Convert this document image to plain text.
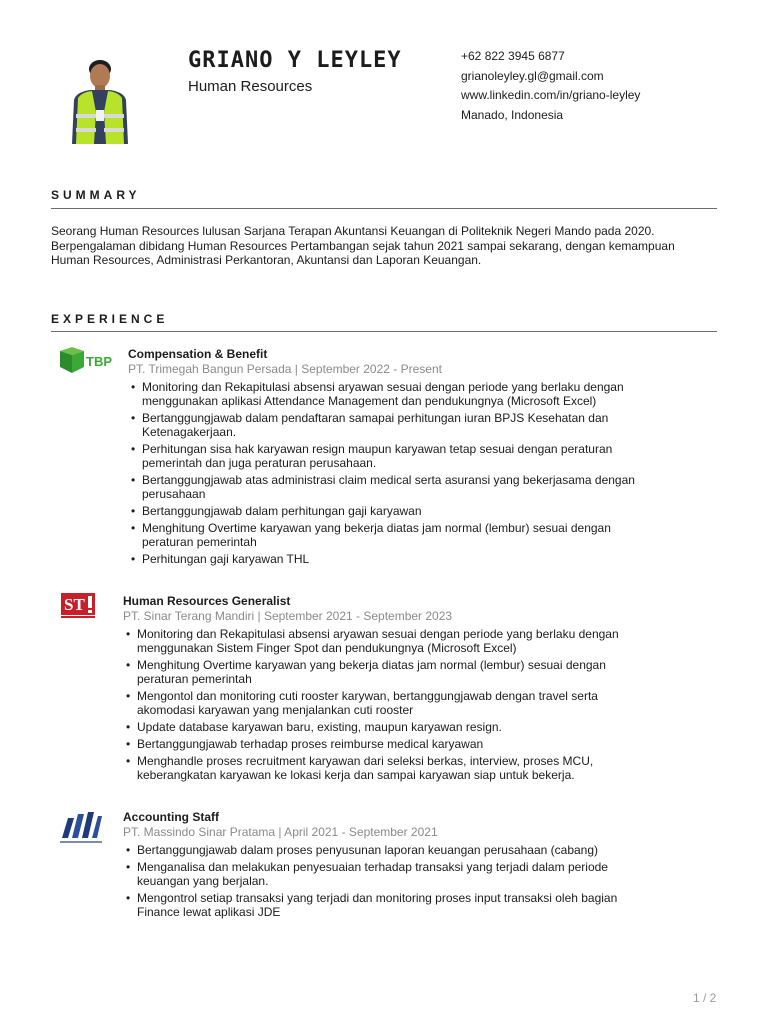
GRIANO Y LEYLEY
Human Resources
+62 822 3945 6877
grianoleyley.gl@gmail.com
www.linkedin.com/in/griano-leyley
Manado, Indonesia
SUMMARY
Seorang Human Resources lulusan Sarjana Terapan Akuntansi Keuangan di Politeknik Negeri Mando pada 2020.
Berpengalaman dibidang Human Resources Pertambangan sejak tahun 2021 sampai sekarang, dengan kemampuan
Human Resources, Administrasi Perkantoran, Akuntansi dan Laporan Keuangan.
EXPERIENCE
TBP Compensation & Benefit
PT. Trimegah Bangun Persada | September 2022 - Present
• Monitoring dan Rekapitulasi absensi aryawan sesuai dengan periode yang berlaku dengan menggunakan aplikasi Attendance Management dan pendukungnya (Microsoft Excel)
• Bertanggungjawab dalam pendaftaran samapai perhitungan iuran BPJS Kesehatan dan Ketenagakerjaan.
• Perhitungan sisa hak karyawan resign maupun karyawan tetap sesuai dengan peraturan pemerintah dan juga peraturan perusahaan.
• Bertanggungjawab atas administrasi claim medical serta asuransi yang bekerjasama dengan perusahaan
• Bertanggungjawab dalam perhitungan gaji karyawan
• Menghitung Overtime karyawan yang bekerja diatas jam normal (lembur) sesuai dengan peraturan pemerintah
• Perhitungan gaji karyawan THL
ST	Human Resources Generalist
PT. Sinar Terang Mandiri | September 2021 - September 2023
• Monitoring dan Rekapitulasi absensi aryawan sesuai dengan periode yang berlaku dengan menggunakan Sistem Finger Spot dan pendukungnya (Microsoft Excel)
• Menghitung Overtime karyawan yang bekerja diatas jam normal (lembur) sesuai dengan peraturan pemerintah
• Mengontol dan monitoring cuti rooster karywan, bertanggungjawab dengan travel serta akomodasi karyawan yang menjalankan cuti rooster
• Update database karyawan baru, existing, maupun karyawan resign.
• Bertanggungjawab terhadap proses reimburse medical karyawan
• Menghandle proses recruitment karyawan dari seleksi berkas, interview, proses MCU, keberangkatan karyawan ke lokasi kerja dan sampai karyawan siap untuk bekerja.
Accounting Staff
PT. Massindo Sinar Pratama | April 2021 - September 2021
• Bertanggungjawab dalam proses penyusunan laporan keuangan perusahaan (cabang)
• Menganalisa dan melakukan penyesuaian terhadap transaksi yang terjadi dalam periode keuangan yang berjalan.
• Mengontrol setiap transaksi yang terjadi dan monitoring proses input transaksi oleh bagian Finance lewat aplikasi JDE
1 / 2
